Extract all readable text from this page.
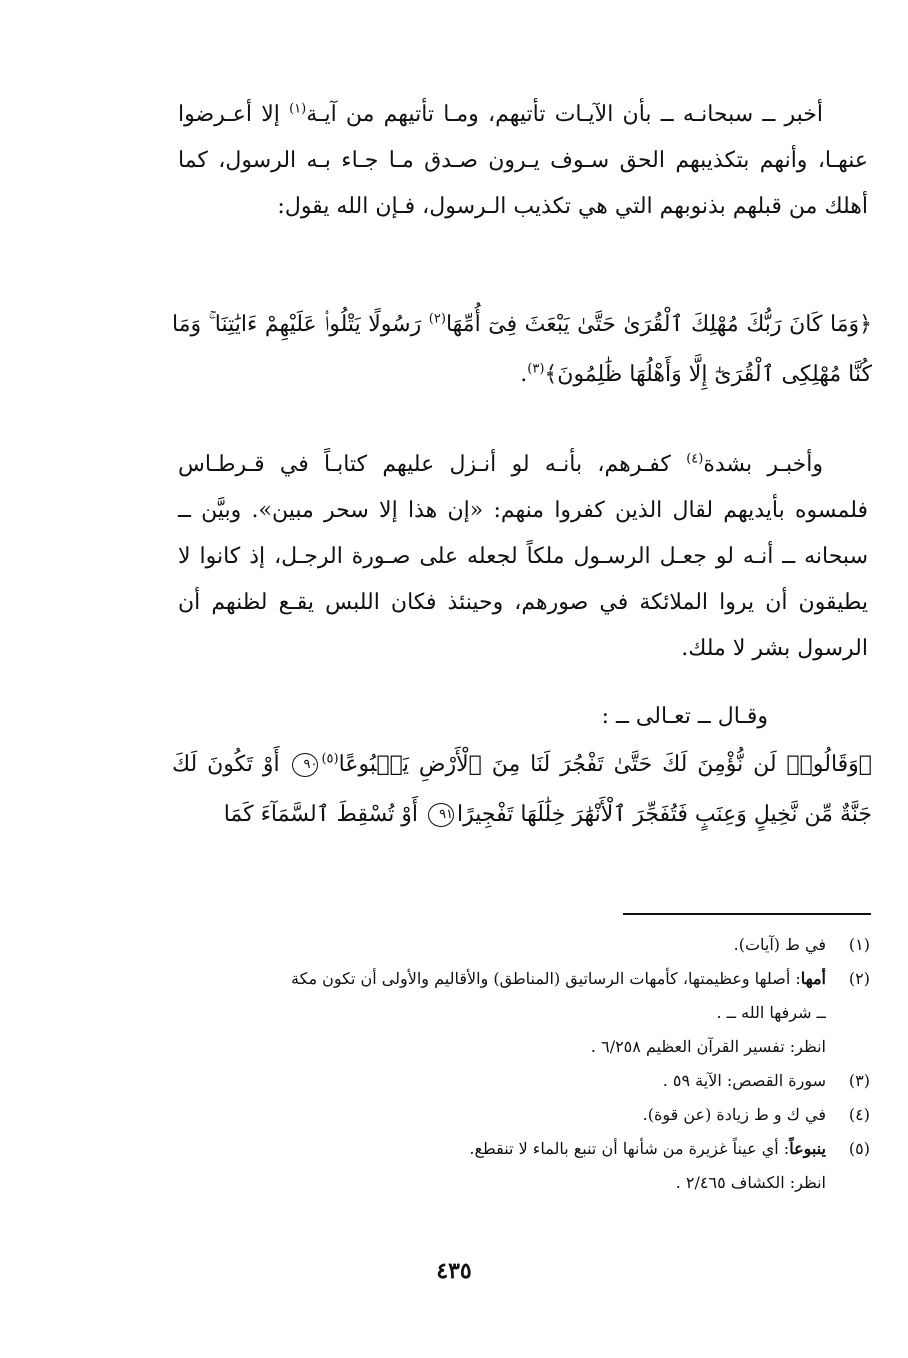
أخبر ــ سبحانـه ــ بأن الآيـات تأتيهم، ومـا تأتيهم من آيـة$^{(١)}$ إلا أعـرضوا عنهـا، وأنهم بتكذيبهم الحق سـوف يـرون صـدق مـا جـاء بـه الرسول، كما أهلك من قبلهم بذنوبهم التي هي تكذيب الـرسول، فـإن الله يقول:

﴿وَمَا كَانَ رَبُّكَ مُهْلِكَ ٱلْقُرَىٰ حَتَّىٰ يَبْعَثَ فِىٓ أُمِّهَا$^{(٢)}$ رَسُولًا يَتْلُوا۟ عَلَيْهِمْ ءَايَٰتِنَا ۚ وَمَا كُنَّا مُهْلِكِى ٱلْقُرَىٰٓ إِلَّا وَأَهْلُهَا ظَٰلِمُونَ﴾$^{(٣)}$.

وأخبـر بشدة$^{(٤)}$ كفـرهم، بأنـه لو أنـزل عليهم كتابـاً في قـرطـاس فلمسوه بأيديهم لقال الذين كفروا منهم: «إن هذا إلا سحر مبين». وبيَّن ــ سبحانه ــ أنـه لو جعـل الرسـول ملكاً لجعله على صـورة الرجـل، إذ كانوا لا يطيقون أن يروا الملائكة في صورهم، وحينئذ فكان اللبس يقـع لظنهم أن الرسول بشر لا ملك.

وقـال ــ تعـالى ــ :

﴿وَقَالُوا۟ لَن نُّؤْمِنَ لَكَ حَتَّىٰ تَفْجُرَ لَنَا مِنَ ٱلْأَرْضِ يَنۢبُوعًا$^{(٥)}$٩٠ أَوْ تَكُونَ لَكَ جَنَّةٌ مِّن نَّخِيلٍ وَعِنَبٍ فَتُفَجِّرَ ٱلْأَنْهَٰرَ خِلَٰلَهَا تَفْجِيرًا٩١ أَوْ تُسْقِطَ ٱلسَّمَآءَ كَمَا

(١)
في ط (آيات).
(٢)
أمها: أصلها وعظيمتها، كأمهات الرساتيق (المناطق) والأقاليم والأولى أن تكون مكة
ــ شرفها الله ــ .
انظر: تفسير القرآن العظيم ٦/٢٥٨ .
(٣)
سورة القصص: الآية ٥٩ .
(٤)
في ك و ط زيادة (عن قوة).
(٥)
ينبوعاً: أي عيناً غزيرة من شأنها أن تنبع بالماء لا تنقطع.
انظر: الكشاف ٢/٤٦٥ .
٤٣٥
